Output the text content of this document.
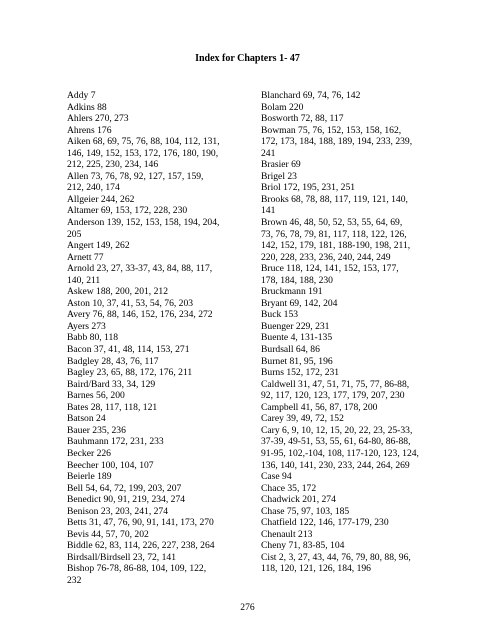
Index for Chapters 1- 47
Addy 7
Adkins 88
Ahlers 270, 273
Ahrens 176
Aiken 68, 69, 75, 76, 88, 104, 112, 131,
146, 149, 152, 153, 172, 176, 180, 190,
212, 225, 230, 234, 146
Allen 73, 76, 78, 92, 127, 157, 159,
212, 240, 174
Allgeier 244, 262
Altamer 69, 153, 172, 228, 230
Anderson 139, 152, 153, 158, 194, 204,
205
Angert 149, 262
Arnett 77
Arnold 23, 27, 33-37, 43, 84, 88, 117,
140, 211
Askew 188, 200, 201, 212
Aston 10, 37, 41, 53, 54, 76, 203
Avery 76, 88, 146, 152, 176, 234, 272
Ayers 273
Babb 80, 118
Bacon 37, 41, 48, 114, 153, 271
Badgley 28, 43, 76, 117
Bagley 23, 65, 88, 172, 176, 211
Baird/Bard 33, 34, 129
Barnes 56, 200
Bates 28, 117, 118, 121
Batson 24
Bauer 235, 236
Bauhmann 172, 231, 233
Becker 226
Beecher 100, 104, 107
Beierle 189
Bell 54, 64, 72, 199, 203, 207
Benedict 90, 91, 219, 234, 274
Benison 23, 203, 241, 274
Betts 31, 47, 76, 90, 91, 141, 173, 270
Bevis 44, 57, 70, 202
Biddle 62, 83, 114, 226, 227, 238, 264
Birdsall/Birdsell 23, 72, 141
Bishop 76-78, 86-88, 104, 109, 122,
232
Blanchard 69, 74, 76, 142
Bolam 220
Bosworth 72, 88, 117
Bowman 75, 76, 152, 153, 158, 162,
172, 173, 184, 188, 189, 194, 233, 239,
241
Brasier 69
Brigel 23
Briol 172, 195, 231, 251
Brooks 68, 78, 88, 117, 119, 121, 140,
141
Brown 46, 48, 50, 52, 53, 55, 64, 69,
73, 76, 78, 79, 81, 117, 118, 122, 126,
142, 152, 179, 181, 188-190, 198, 211,
220, 228, 233, 236, 240, 244, 249
Bruce 118, 124, 141, 152, 153, 177,
178, 184, 188, 230
Bruckmann 191
Bryant 69, 142, 204
Buck 153
Buenger 229, 231
Buente 4, 131-135
Burdsall 64, 86
Burnet 81, 95, 196
Burns 152, 172, 231
Caldwell 31, 47, 51, 71, 75, 77, 86-88,
92, 117, 120, 123, 177, 179, 207, 230
Campbell 41, 56, 87, 178, 200
Carey 39, 49, 72, 152
Cary 6, 9, 10, 12, 15, 20, 22, 23, 25-33,
37-39, 49-51, 53, 55, 61, 64-80, 86-88,
91-95, 102,-104, 108, 117-120, 123, 124,
136, 140, 141, 230, 233, 244, 264, 269
Case 94
Chace 35, 172
Chadwick 201, 274
Chase 75, 97, 103, 185
Chatfield 122, 146, 177-179, 230
Chenault 213
Cheny 71, 83-85, 104
Cist 2, 3, 27, 43, 44, 76, 79, 80, 88, 96,
118, 120, 121, 126, 184, 196
276
